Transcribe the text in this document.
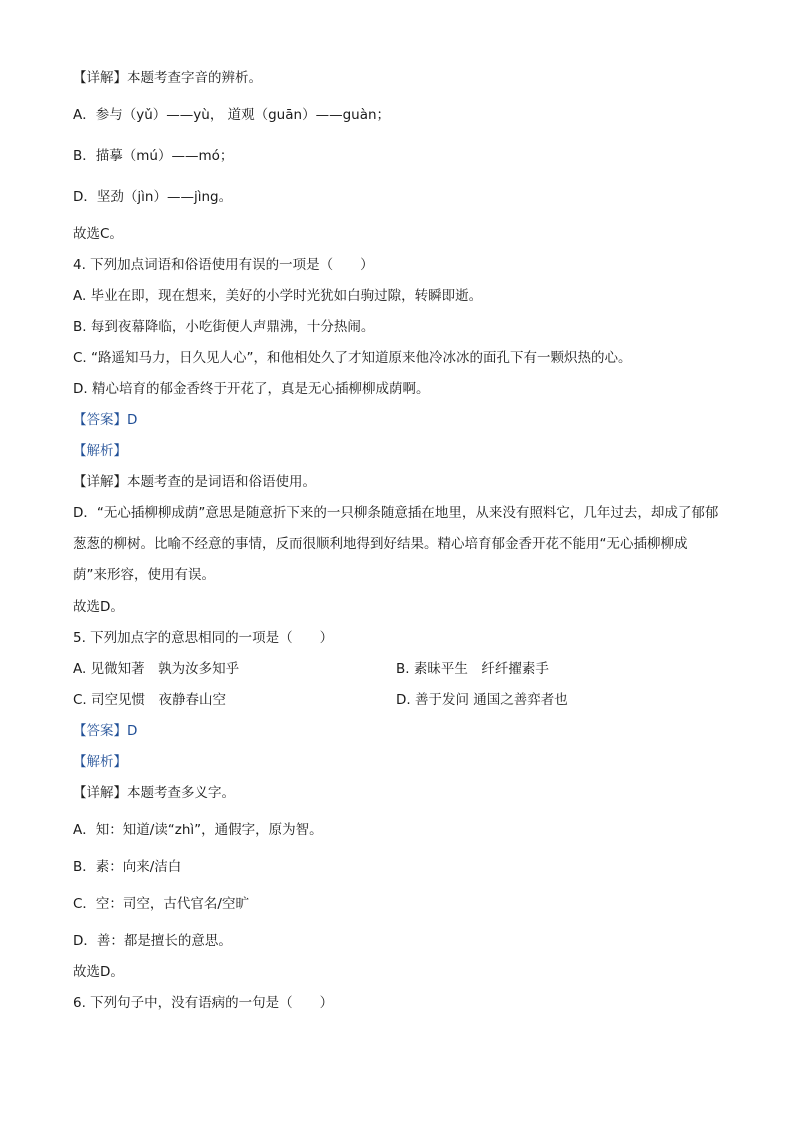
【详解】本题考查字音的辨析。
A．参与（yǔ）——yù， 道观（guān）——guàn；
B．描摹（mú）——mó；
D．坚劲（jìn）——jìng。
故选C。
4. 下列加点词语和俗语使用有误的一项是（　　）
A. 毕业在即，现在想来，美好的小学时光犹如白驹过隙，转瞬即逝。
B. 每到夜幕降临，小吃街便人声鼎沸，十分热闹。
C. “路遥知马力，日久见人心”，和他相处久了才知道原来他冷冰冰的面孔下有一颗炽热的心。
D. 精心培育的郁金香终于开花了，真是无心插柳柳成荫啊。
【答案】D
【解析】
【详解】本题考查的是词语和俗语使用。
D．“无心插柳柳成荫”意思是随意折下来的一只柳条随意插在地里，从来没有照料它，几年过去，却成了郁郁葱葱的柳树。比喻不经意的事情，反而很顺利地得到好结果。精心培育郁金香开花不能用“无心插柳柳成荫”来形容，使用有误。
故选D。
5. 下列加点字的意思相同的一项是（　　）
A. 见微知著　孰为汝多知乎	B. 素昧平生　纤纤擢素手
C. 司空见惯　夜静春山空	D. 善于发问 通国之善弈者也
【答案】D
【解析】
【详解】本题考查多义字。
A．知：知道/读“zhì”，通假字，原为智。
B．素：向来/洁白
C．空：司空，古代官名/空旷
D．善：都是擅长的意思。
故选D。
6. 下列句子中，没有语病的一句是（　　）
